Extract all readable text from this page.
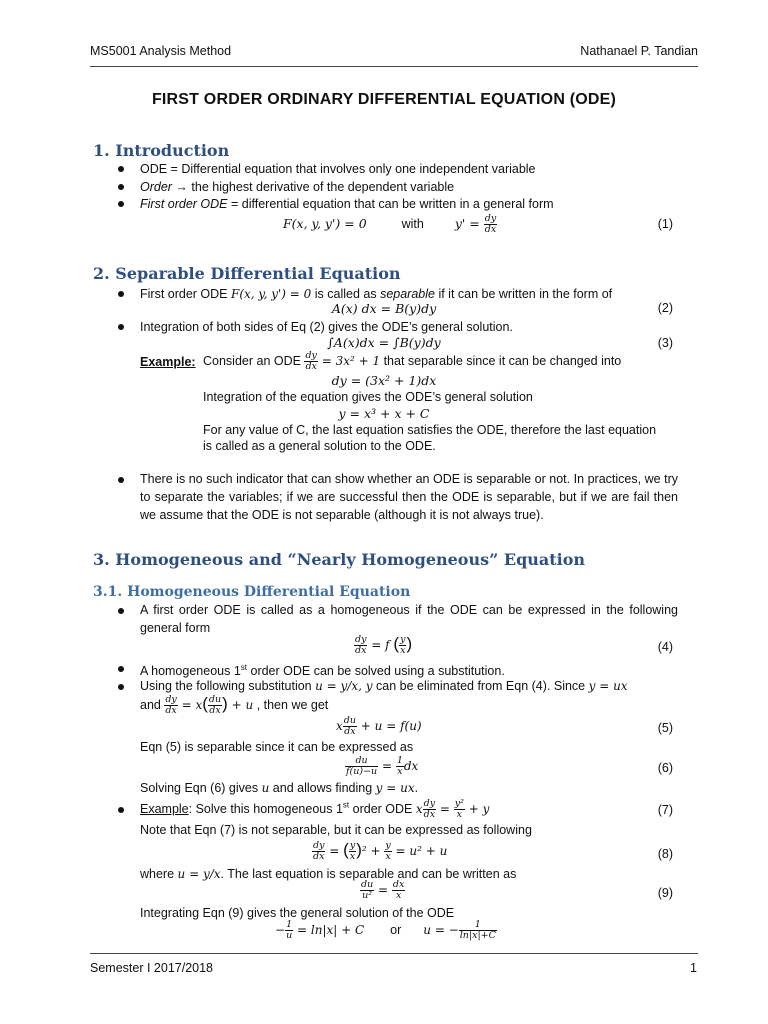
MS5001 Analysis Method	Nathanael P. Tandian
FIRST ORDER ORDINARY DIFFERENTIAL EQUATION (ODE)
1. Introduction
ODE = Differential equation that involves only one independent variable
Order → the highest derivative of the dependent variable
First order ODE = differential equation that can be written in a general form
F(x, y, y') = 0	with $y' = \frac{dy}{dx}$	(1)
2. Separable Differential Equation
First order ODE F(x, y, y') = 0 is called as separable if it can be written in the form of
A(x) dx = B(y)dy	(2)
Integration of both sides of Eq (2) gives the ODE’s general solution.
∫A(x)dx = ∫B(y)dy	(3)
Example: Consider an ODE $\frac{dy}{dx} = 3x^2 + 1$ that separable since it can be changed into
dy = (3x² + 1)dx
Integration of the equation gives the ODE’s general solution
y = x³ + x + C
For any value of C, the last equation satisfies the ODE, therefore the last equation
is called as a general solution to the ODE.
There is no such indicator that can show whether an ODE is separable or not. In practices, we try to separate the variables; if we are successful then the ODE is separable, but if we are fail then we assume that the ODE is not separable (although it is not always true).
3. Homogeneous and “Nearly Homogeneous” Equation
3.1. Homogeneous Differential Equation
A first order ODE is called as a homogeneous if the ODE can be expressed in the following general form
$\frac{dy}{dx} = f$ ( $\frac{y}{x}$ )	(4)
A homogeneous 1st order ODE can be solved using a substitution.
Using the following substitution u = y/x, y can be eliminated from Eqn (4). Since y = ux
and $\frac{dy}{dx} = x( \frac{du}{dx}$ ) + u , then we get
x $\frac{du}{dx} + u = f(u)$	(5)
Eqn (5) is separable since it can be expressed as
$\frac{du}{f(u)-u} = \frac{1}{x}$ dx	(6)
Solving Eqn (6) gives u and allows finding y = ux.
Example: Solve this homogeneous 1st order ODE x $\frac{dy}{dx} = \frac{\text{y²}}{x} + y$	(7)
Note that Eqn (7) is not separable, but it can be expressed as following
$\frac{dy}{dx}$ = ( $\frac{y}{x} )^2 + \frac{y}{x} = u^2 + u$	(8)
where u = y/x. The last equation is separable and can be written as
$\frac{du}{\text{u²}} = \frac{dx}{x}$	(9)
Integrating Eqn (9) gives the general solution of the ODE
− $\frac{1}{u} = \ln|x| + C$ or u = − $\frac{1}{\ln|x|+C}$
Semester I 2017/2018	1
